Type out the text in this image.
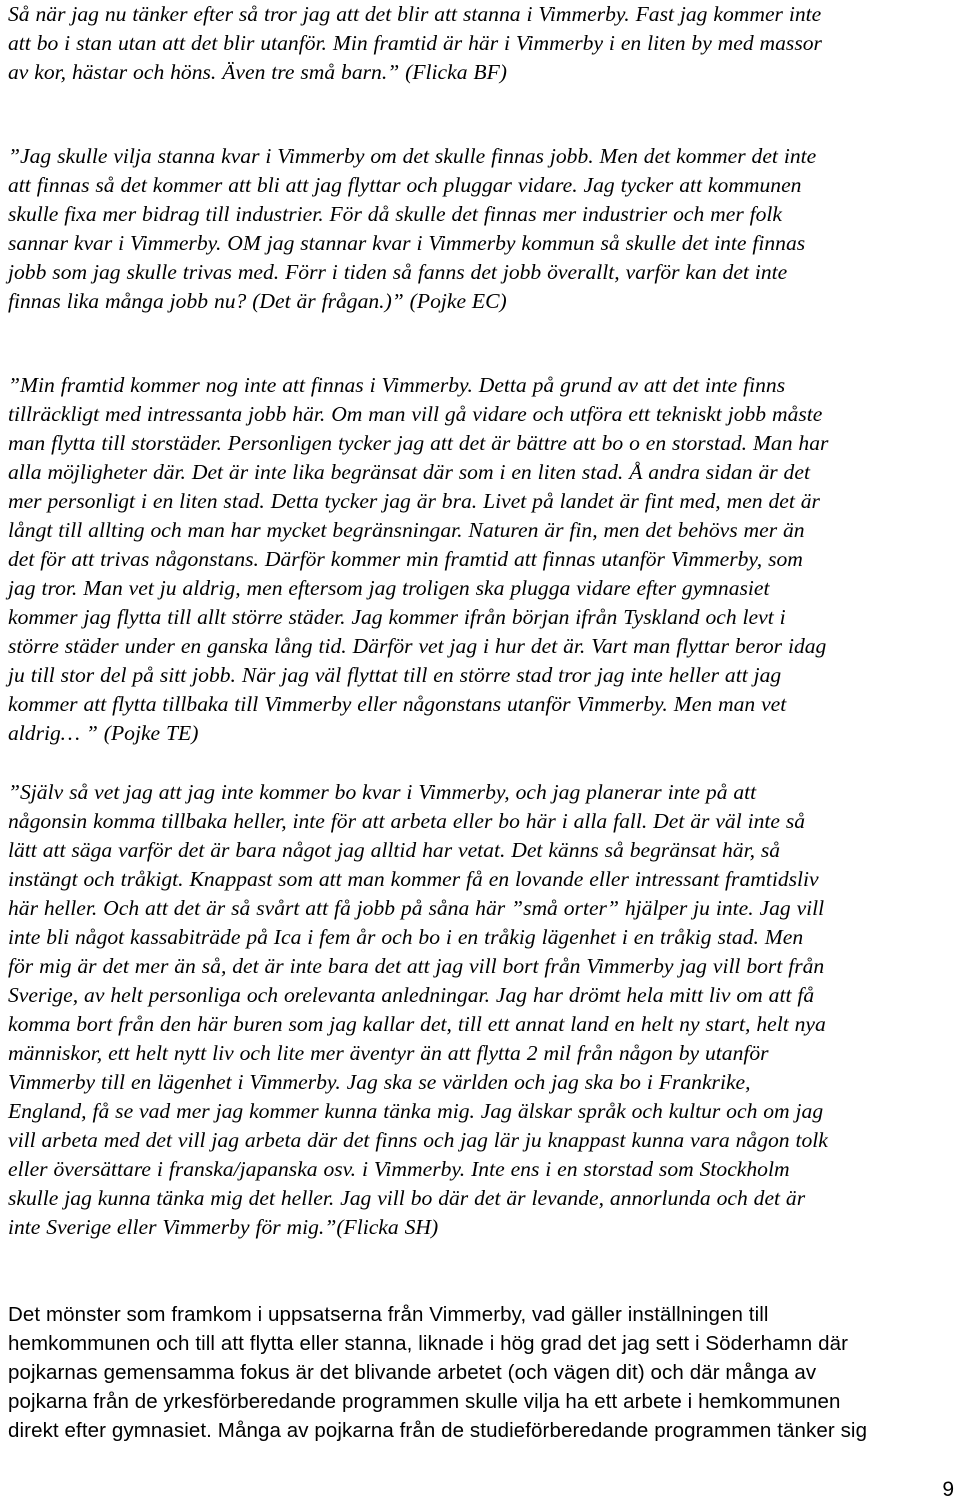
Så när jag nu tänker efter så tror jag att det blir att stanna i Vimmerby. Fast jag kommer inte
att bo i stan utan att det blir utanför. Min framtid är här i Vimmerby i en liten by med massor
av kor, hästar och höns. Även tre små barn.” (Flicka BF)

”Jag skulle vilja stanna kvar i Vimmerby om det skulle finnas jobb. Men det kommer det inte
att finnas så det kommer att bli att jag flyttar och pluggar vidare. Jag tycker att kommunen
skulle fixa mer bidrag till industrier. För då skulle det finnas mer industrier och mer folk
sannar kvar i Vimmerby. OM jag stannar kvar i Vimmerby kommun så skulle det inte finnas
jobb som jag skulle trivas med. Förr i tiden så fanns det jobb överallt, varför kan det inte
finnas lika många jobb nu? (Det är frågan.)” (Pojke EC)

”Min framtid kommer nog inte att finnas i Vimmerby. Detta på grund av att det inte finns
tillräckligt med intressanta jobb här. Om man vill gå vidare och utföra ett tekniskt jobb måste
man flytta till storstäder. Personligen tycker jag att det är bättre att bo o en storstad. Man har
alla möjligheter där. Det är inte lika begränsat där som i en liten stad. Å andra sidan är det
mer personligt i en liten stad. Detta tycker jag är bra. Livet på landet är fint med, men det är
långt till allting och man har mycket begränsningar. Naturen är fin, men det behövs mer än
det för att trivas någonstans. Därför kommer min framtid att finnas utanför Vimmerby, som
jag tror. Man vet ju aldrig, men eftersom jag troligen ska plugga vidare efter gymnasiet
kommer jag flytta till allt större städer. Jag kommer ifrån början ifrån Tyskland och levt i
större städer under en ganska lång tid. Därför vet jag i hur det är. Vart man flyttar beror idag
ju till stor del på sitt jobb. När jag väl flyttat till en större stad tror jag inte heller att jag
kommer att flytta tillbaka till Vimmerby eller någonstans utanför Vimmerby. Men man vet
aldrig… ” (Pojke TE)

”Själv så vet jag att jag inte kommer bo kvar i Vimmerby, och jag planerar inte på att
någonsin komma tillbaka heller, inte för att arbeta eller bo här i alla fall. Det är väl inte så
lätt att säga varför det är bara något jag alltid har vetat. Det känns så begränsat här, så
instängt och tråkigt. Knappast som att man kommer få en lovande eller intressant framtidsliv
här heller. Och att det är så svårt att få jobb på såna här ”små orter” hjälper ju inte. Jag vill
inte bli något kassabiträde på Ica i fem år och bo i en tråkig lägenhet i en tråkig stad. Men
för mig är det mer än så, det är inte bara det att jag vill bort från Vimmerby jag vill bort från
Sverige, av helt personliga och orelevanta anledningar. Jag har drömt hela mitt liv om att få
komma bort från den här buren som jag kallar det, till ett annat land en helt ny start, helt nya
människor, ett helt nytt liv och lite mer äventyr än att flytta 2 mil från någon by utanför
Vimmerby till en lägenhet i Vimmerby. Jag ska se världen och jag ska bo i Frankrike,
England, få se vad mer jag kommer kunna tänka mig. Jag älskar språk och kultur och om jag
vill arbeta med det vill jag arbeta där det finns och jag lär ju knappast kunna vara någon tolk
eller översättare i franska/japanska osv. i Vimmerby. Inte ens i en storstad som Stockholm
skulle jag kunna tänka mig det heller. Jag vill bo där det är levande, annorlunda och det är
inte Sverige eller Vimmerby för mig.”(Flicka SH)

Det mönster som framkom i uppsatserna från Vimmerby, vad gäller inställningen till
hemkommunen och till att flytta eller stanna, liknade i hög grad det jag sett i Söderhamn där
pojkarnas gemensamma fokus är det blivande arbetet (och vägen dit) och där många av
pojkarna från de yrkesförberedande programmen skulle vilja ha ett arbete i hemkommunen
direkt efter gymnasiet. Många av pojkarna från de studieförberedande programmen tänker sig

9
